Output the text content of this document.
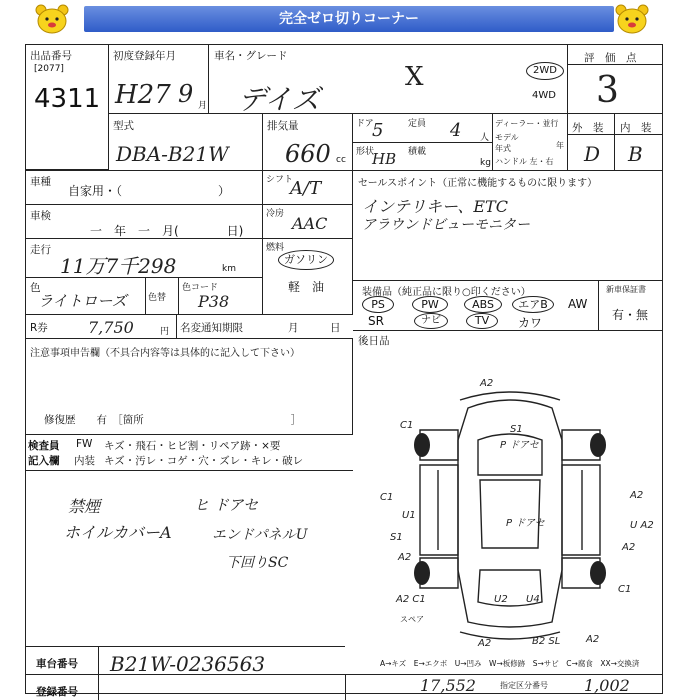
完全ゼロ切りコーナー
出品番号
[2077]
4311
初度登録年月
H27 9 月
車名・グレード
デイズ
X	2WD
4WD
評　価　点
3
型式
DBA-B21W
排気量
660 cc
ドア
5	定員 4 人
形状
HB 積載
kg
ディーラー・並行
モデル年式	年
ハンドル 左・右
外　装 内　装
D B
車種
自家用・（　　　　　　　　）
車検
一　年　一　月(　　　　日)
走行
11万7千298	km
色
ライトローズ 色替
色コード
P38
シフト
A/T
冷房 AAC
燃料
ガソリン
軽　油
セールスポイント（正常に機能するものに限ります）
インテリキー、ETC
アラウンドビューモニター
装備品（純正品に限り○印ください）	新車保証書
有・無
PS	PW	ABS	エアB	AW
SR	ナビ	TV	カワ
後日品
R券	7,750	円 名変通知期限	月　　　日
注意事項申告欄（不具合内容等は具体的に記入して下さい）
修復歴　　有　［箇所　　　　　　　　　　　　　　］
検査員
記入欄
FW キズ・飛石・ヒビ割・リペア跡・×要
内装 キズ・汚レ・コゲ・穴・ズレ・キレ・破レ
禁煙
ホイルカバーA
ヒ ドアセ
エンドパネルU
下回りSC
A2
C1	S1
P ドアセ
C1
U1
S1
P ドアセ
A2
U A2
A2
C1
A2 C1
A2
U2 U4
A2	B2 SL	A2
スペア
A→キズ　E→エクボ　U→凹み　W→板修跡　S→サビ　C→腐食　XX→交換済
車台番号 B21W-0236563
登録番号	17,552	指定区分番号 1,002
